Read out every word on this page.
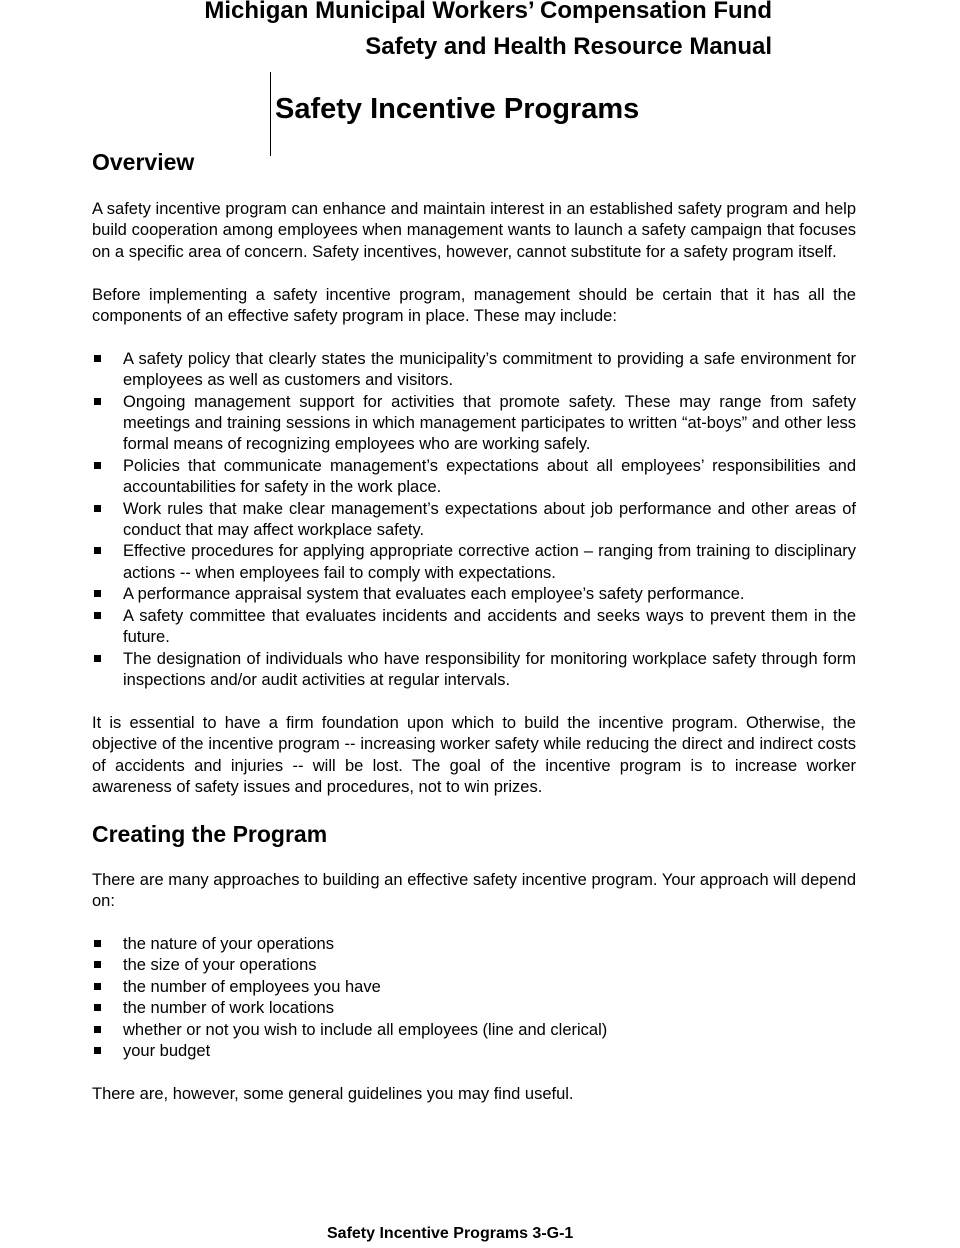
Michigan Municipal Workers’ Compensation Fund
Safety and Health Resource Manual
Safety Incentive Programs
Overview

A safety incentive program can enhance and maintain interest in an established safety program and help build cooperation among employees when management wants to launch a safety campaign that focuses on a specific area of concern. Safety incentives, however, cannot substitute for a safety program itself.

Before implementing a safety incentive program, management should be certain that it has all the components of an effective safety program in place. These may include:

A safety policy that clearly states the municipality’s commitment to providing a safe environment for employees as well as customers and visitors.
Ongoing management support for activities that promote safety. These may range from safety meetings and training sessions in which management participates to written “at-boys” and other less formal means of recognizing employees who are working safely.
Policies that communicate management’s expectations about all employees’ responsibilities and accountabilities for safety in the work place.
Work rules that make clear management’s expectations about job performance and other areas of conduct that may affect workplace safety.
Effective procedures for applying appropriate corrective action – ranging from training to disciplinary actions -- when employees fail to comply with expectations.
A performance appraisal system that evaluates each employee’s safety performance.
A safety committee that evaluates incidents and accidents and seeks ways to prevent them in the future.
The designation of individuals who have responsibility for monitoring workplace safety through form inspections and/or audit activities at regular intervals.

It is essential to have a firm foundation upon which to build the incentive program. Otherwise, the objective of the incentive program -- increasing worker safety while reducing the direct and indirect costs of accidents and injuries -- will be lost. The goal of the incentive program is to increase worker awareness of safety issues and procedures, not to win prizes.

Creating the Program

There are many approaches to building an effective safety incentive program. Your approach will depend on:

the nature of your operations
the size of your operations
the number of employees you have
the number of work locations
whether or not you wish to include all employees (line and clerical)
your budget

There are, however, some general guidelines you may find useful.

Safety Incentive Programs 3-G-1
